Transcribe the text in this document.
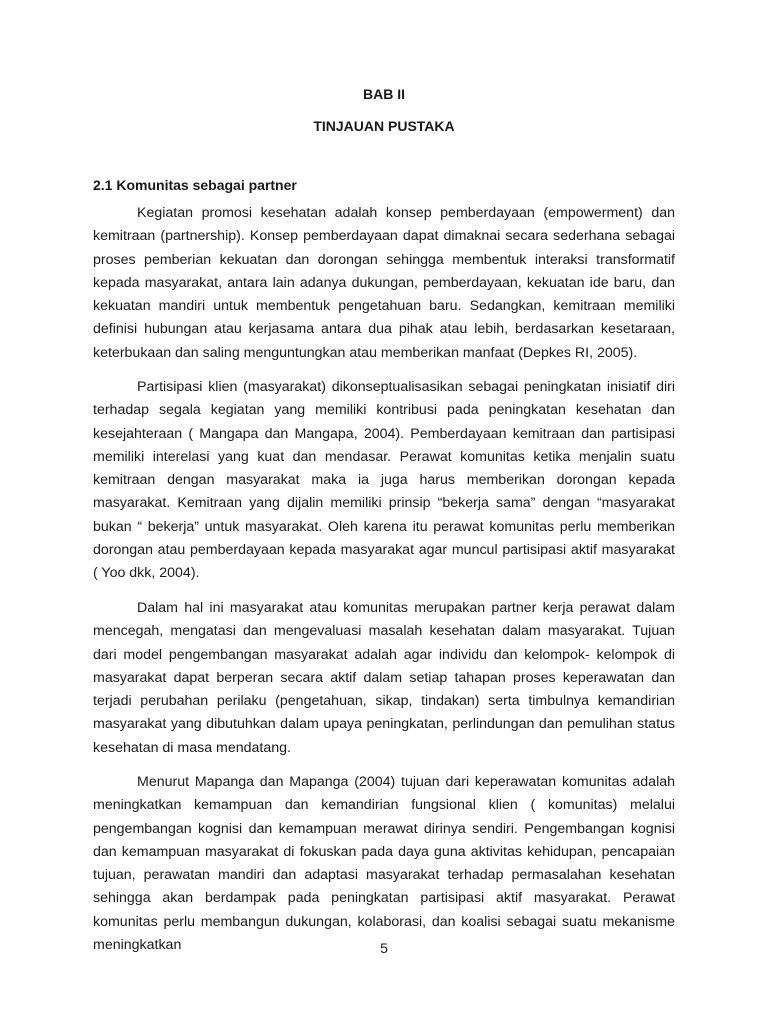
BAB II
TINJAUAN PUSTAKA
2.1 Komunitas sebagai partner

Kegiatan promosi kesehatan adalah konsep pemberdayaan (empowerment) dan kemitraan (partnership). Konsep pemberdayaan dapat dimaknai secara sederhana sebagai proses pemberian kekuatan dan dorongan sehingga membentuk interaksi transformatif kepada masyarakat, antara lain adanya dukungan, pemberdayaan, kekuatan ide baru, dan kekuatan mandiri untuk membentuk pengetahuan baru. Sedangkan, kemitraan memiliki definisi hubungan atau kerjasama antara dua pihak atau lebih, berdasarkan kesetaraan, keterbukaan dan saling menguntungkan atau memberikan manfaat (Depkes RI, 2005).

Partisipasi klien (masyarakat) dikonseptualisasikan sebagai peningkatan inisiatif diri terhadap segala kegiatan yang memiliki kontribusi pada peningkatan kesehatan dan kesejahteraan ( Mangapa dan Mangapa, 2004). Pemberdayaan kemitraan dan partisipasi memiliki interelasi yang kuat dan mendasar. Perawat komunitas ketika menjalin suatu kemitraan dengan masyarakat maka ia juga harus memberikan dorongan kepada masyarakat. Kemitraan yang dijalin memiliki prinsip “bekerja sama” dengan “masyarakat bukan “ bekerja” untuk masyarakat. Oleh karena itu perawat komunitas perlu memberikan dorongan atau pemberdayaan kepada masyarakat agar muncul partisipasi aktif masyarakat ( Yoo dkk, 2004).

Dalam hal ini masyarakat atau komunitas merupakan partner kerja perawat dalam mencegah, mengatasi dan mengevaluasi masalah kesehatan dalam masyarakat. Tujuan dari model pengembangan masyarakat adalah agar individu dan kelompok- kelompok di masyarakat dapat berperan secara aktif dalam setiap tahapan proses keperawatan dan terjadi perubahan perilaku (pengetahuan, sikap, tindakan) serta timbulnya kemandirian masyarakat yang dibutuhkan dalam upaya peningkatan, perlindungan dan pemulihan status kesehatan di masa mendatang.

Menurut Mapanga dan Mapanga (2004) tujuan dari keperawatan komunitas adalah meningkatkan kemampuan dan kemandirian fungsional klien ( komunitas) melalui pengembangan kognisi dan kemampuan merawat dirinya sendiri. Pengembangan kognisi dan kemampuan masyarakat di fokuskan pada daya guna aktivitas kehidupan, pencapaian tujuan, perawatan mandiri dan adaptasi masyarakat terhadap permasalahan kesehatan sehingga akan berdampak pada peningkatan partisipasi aktif masyarakat. Perawat komunitas perlu membangun dukungan, kolaborasi, dan koalisi sebagai suatu mekanisme meningkatkan	5
